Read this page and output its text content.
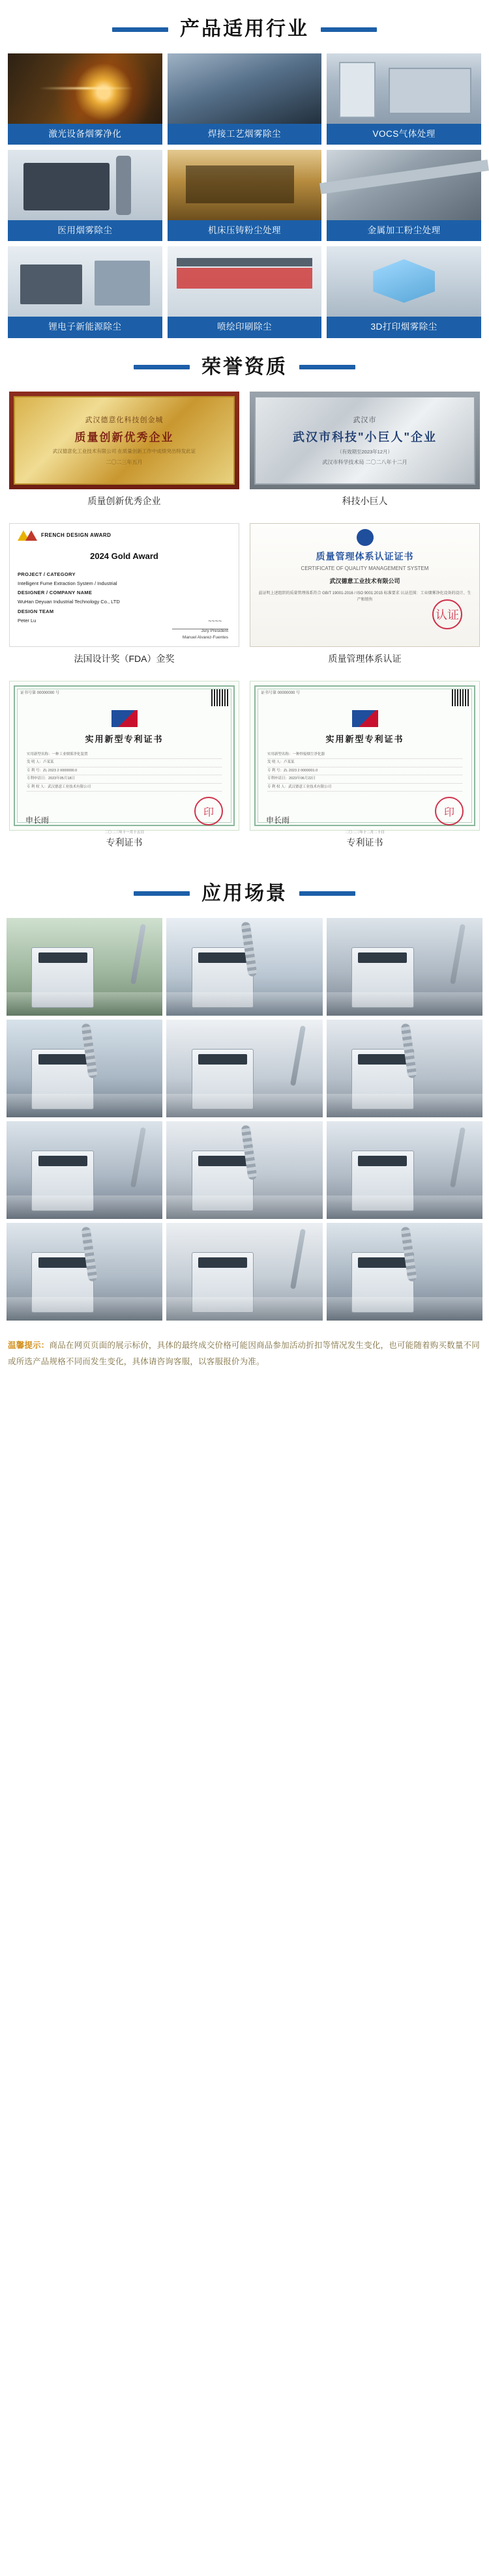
产品适用行业
激光设备烟雾净化	焊接工艺烟雾除尘	VOCS气体处理
医用烟雾除尘	机床压铸粉尘处理	金属加工粉尘处理
锂电子新能源除尘	喷绘印刷除尘	3D打印烟雾除尘
荣誉资质
武汉德意化科技创金城
质量创新优秀企业
武汉德意化工业技术有限公司 在质量创新工作中成绩突出特发此证
二〇二三年五月
质量创新优秀企业
武汉市
武汉市科技"小巨人"企业
（有效期至2023年12月）
武汉市科学技术局 二〇二八年十二月
科技小巨人
FRENCH DESIGN AWARD
2024 Gold Award
PROJECT / CATEGORY
Intelligent Fume Extraction System / Industrial
DESIGNER / COMPANY NAME
WuHan Deyuan Industrial Technology Co., LTD
DESIGN TEAM
Peter Lu	~~~~
Jury President
Manuel Alvarez-Fuentes
法国设计奖（FDA）金奖
质量管理体系认证证书
CERTIFICATE OF QUALITY MANAGEMENT SYSTEM
武汉德意工业技术有限公司
兹证明上述组织的质量管理体系符合 GB/T 19001-2016 / ISO 9001:2015 标准要求 认证范围：工业烟雾净化设备的设计、生产和销售
认证
质量管理体系认证
证书号第 00000000 号
实用新型专利证书
实用新型名称：一种工业烟雾净化装置
发 明 人：卢某某
专 利 号：ZL 2023 2 0000000.0
专利申请日：2023年05月18日
专 利 权 人：武汉德意工业技术有限公司
申长雨
印
二〇二三年十一月十五日
专利证书
证书号第 00000000 号
实用新型专利证书
实用新型名称：一种焊接烟尘净化器
发 明 人：卢某某
专 利 号：ZL 2023 2 0000001.0
专利申请日：2023年06月22日
专 利 权 人：武汉德意工业技术有限公司
申长雨
印
二〇二三年十二月二十日
专利证书
应用场景
温馨提示：商品在网页页面的展示标价，具体的最终成交价格可能因商品参加活动折扣等情况发生变化，也可能随着购买数量不同或所选产品规格不同而发生变化，具体请咨询客服，以客服报价为准。
